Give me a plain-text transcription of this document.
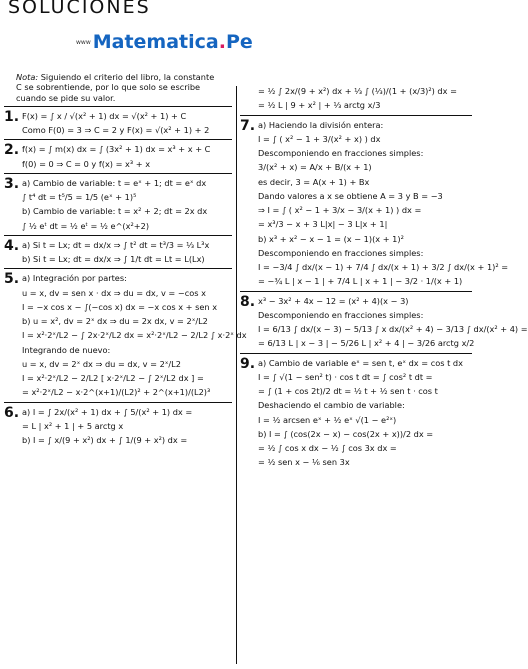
SOLUCIONES
www Matematica.Pe
Nota: Siguiendo el criterio del libro, la constante C se sobrentiende, por lo que solo se escribe cuando se pide su valor.
1. F(x) = ∫ x / √(x² + 1) dx = √(x² + 1) + C
Como F(0) = 3 ⇒ C = 2 y F(x) = √(x² + 1) + 2
2. f(x) = ∫ m(x) dx = ∫ (3x² + 1) dx = x³ + x + C
f(0) = 0 ⇒ C = 0 y f(x) = x³ + x
3. a) Cambio de variable: t = eˣ + 1; dt = eˣ dx
∫ t⁴ dt = t⁵/5 = 1/5 (eˣ + 1)⁵
b) Cambio de variable: t = x² + 2; dt = 2x dx
∫ ½ eᵗ dt = ½ eᵗ = ½ e^(x²+2)
4. a) Si t = Lx; dt = dx/x ⇒ ∫ t² dt = t³/3 = ⅓ L³x
b) Si t = Lx; dt = dx/x ⇒ ∫ 1/t dt = Lt = L(Lx)
5. a) Integración por partes:
u = x, dv = sen x · dx ⇒ du = dx, v = −cos x
I = −x cos x − ∫(−cos x) dx = −x cos x + sen x
b) u = x², dv = 2ˣ dx ⇒ du = 2x dx, v = 2ˣ/L2
I = x²·2ˣ/L2 − ∫ 2x·2ˣ/L2 dx = x²·2ˣ/L2 − 2/L2 ∫ x·2ˣ dx
Integrando de nuevo:
u = x, dv = 2ˣ dx ⇒ du = dx, v = 2ˣ/L2
I = x²·2ˣ/L2 − 2/L2 [ x·2ˣ/L2 − ∫ 2ˣ/L2 dx ] =
= x²·2ˣ/L2 − x·2^(x+1)/(L2)² + 2^(x+1)/(L2)³
6. a) I = ∫ 2x/(x² + 1) dx + ∫ 5/(x² + 1) dx =
= L | x² + 1 | + 5 arctg x
b) I = ∫ x/(9 + x²) dx + ∫ 1/(9 + x²) dx =
= ½ ∫ 2x/(9 + x²) dx + ⅓ ∫ (⅓)/(1 + (x/3)²) dx =
= ½ L | 9 + x² | + ⅓ arctg x/3
7. a) Haciendo la división entera:
I = ∫ ( x² − 1 + 3/(x² + x) ) dx
Descomponiendo en fracciones simples:
3/(x² + x) = A/x + B/(x + 1)
es decir, 3 = A(x + 1) + Bx
Dando valores a x se obtiene A = 3 y B = −3
⇒ I = ∫ ( x² − 1 + 3/x − 3/(x + 1) ) dx =
= x³/3 − x + 3 L|x| − 3 L|x + 1|
b) x³ + x² − x − 1 = (x − 1)(x + 1)²
Descomponiendo en fracciones simples:
I = −3/4 ∫ dx/(x − 1) + 7/4 ∫ dx/(x + 1) + 3/2 ∫ dx/(x + 1)² =
= −¾ L | x − 1 | + 7/4 L | x + 1 | − 3/2 · 1/(x + 1)
8. x³ − 3x² + 4x − 12 = (x² + 4)(x − 3)
Descomponiendo en fracciones simples:
I = 6/13 ∫ dx/(x − 3) − 5/13 ∫ x dx/(x² + 4) − 3/13 ∫ dx/(x² + 4) =
= 6/13 L | x − 3 | − 5/26 L | x² + 4 | − 3/26 arctg x/2
9. a) Cambio de variable eˣ = sen t, eˣ dx = cos t dx
I = ∫ √(1 − sen² t) · cos t dt = ∫ cos² t dt =
= ∫ (1 + cos 2t)/2 dt = ½ t + ½ sen t · cos t
Deshaciendo el cambio de variable:
I = ½ arcsen eˣ + ½ eˣ √(1 − e²ˣ)
b) I = ∫ (cos(2x − x) − cos(2x + x))/2 dx =
= ½ ∫ cos x dx − ½ ∫ cos 3x dx =
= ½ sen x − ⅙ sen 3x
